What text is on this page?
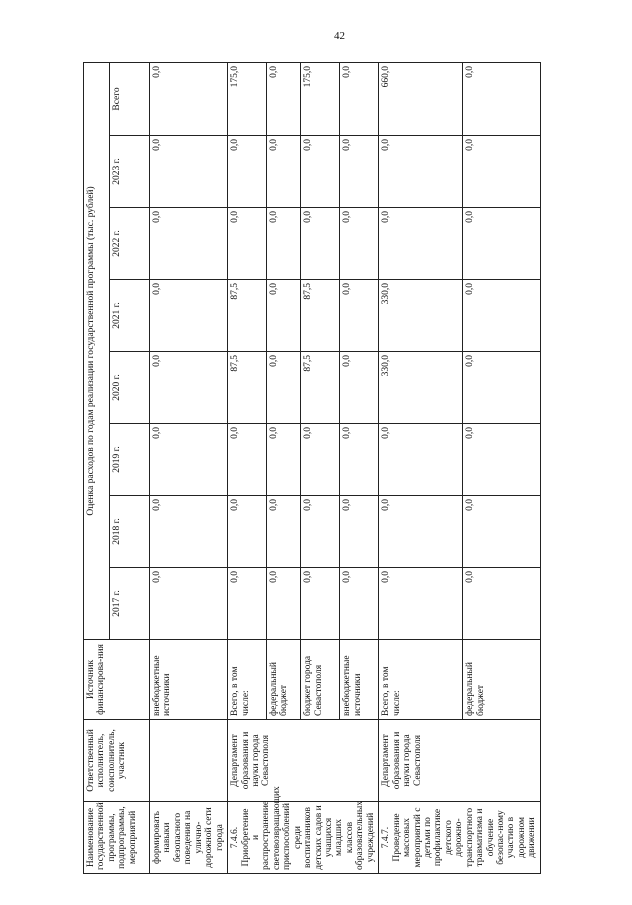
42
Наименование государственной программы, подпрограммы, мероприятий	Ответственный исполнитель, соисполнитель, участник	Источник финансирова-ния	Оценка расходов по годам реализации государственной программы (тыс. рублей)							
			2017 г.	2018 г.	2019 г.	2020 г.	2021 г.	2022 г.	2023 г.	Всего
формировать навыки безопасного поведения на улично-дорожной сети города		внебюджетные источники	0,0	0,0	0,0	0,0	0,0	0,0	0,0	0,0
7.4.6. Приобретение и распространение световозвращающих приспособлений среди воспитанников детских садов и учащихся младших классов образовательных учреждений	Департамент образования и науки города Севастополя	Всего, в том числе:	0,0	0,0	0,0	87,5	87,5	0,0	0,0	175,0
		федеральный бюджет	0,0	0,0	0,0	0,0	0,0	0,0	0,0	0,0
		бюджет города Севастополя	0,0	0,0	0,0	87,5	87,5	0,0	0,0	175,0
		внебюджетные источники	0,0	0,0	0,0	0,0	0,0	0,0	0,0	0,0
7.4.7. Проведение массовых мероприятий с детьми по профилактике детского дорожно-транспортного травматизма и обучение безопас-ному участию в дорожном движении	Департамент образования и науки города Севастополя	Всего, в том числе:	0,0	0,0	0,0	330,0	330,0	0,0	0,0	660,0
		федеральный бюджет	0,0	0,0	0,0	0,0	0,0	0,0	0,0	0,0
